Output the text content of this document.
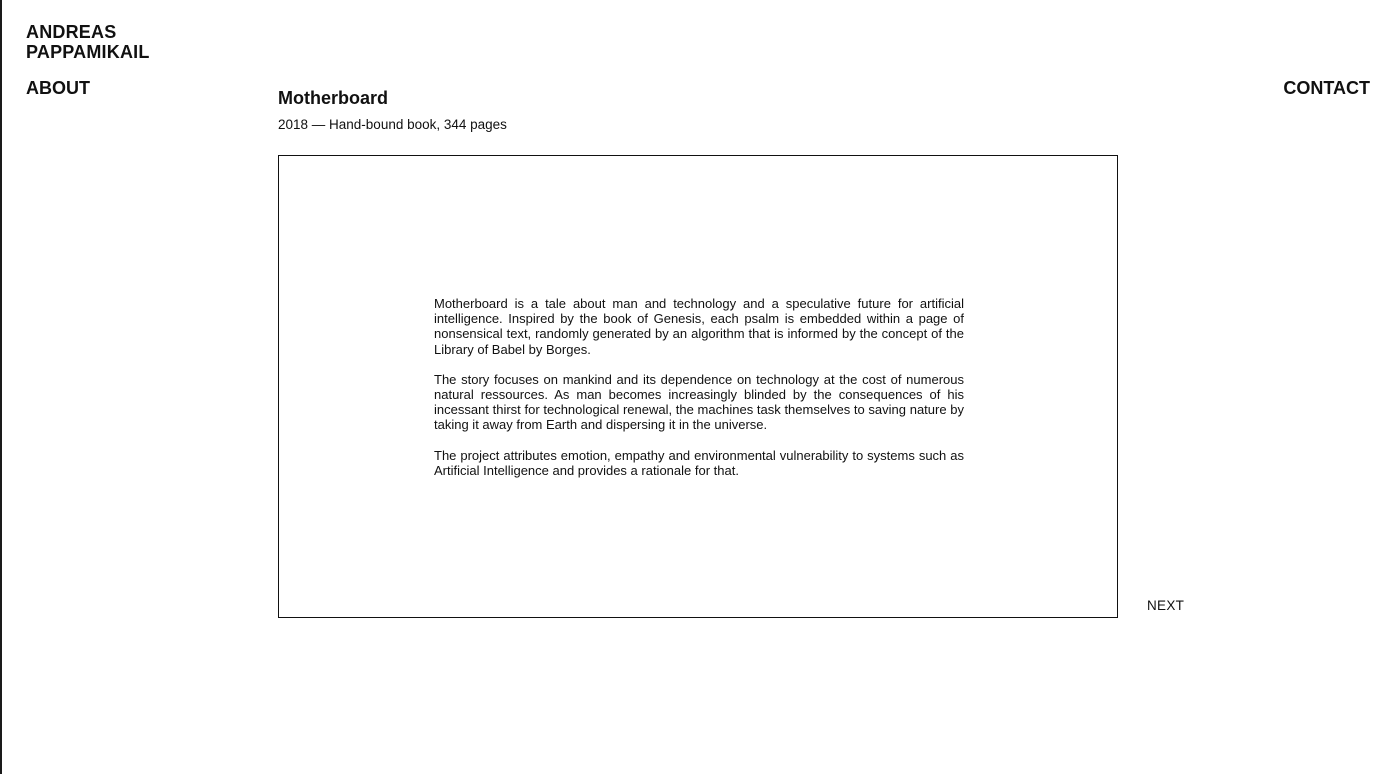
ANDREAS
PAPPAMIKAIL
ABOUT	CONTACT
Motherboard

2018 — Hand-bound book, 344 pages

Motherboard is a tale about man and technology and a speculative future for artificial intelligence. Inspired by the book of Genesis, each psalm is embedded within a page of nonsensical text, randomly generated by an algorithm that is informed by the concept of the Library of Babel by Borges.

The story focuses on mankind and its dependence on technology at the cost of numerous natural ressources. As man becomes increasingly blinded by the consequences of his incessant thirst for technological renewal, the machines task themselves to saving nature by taking it away from Earth and dispersing it in the universe.

The project attributes emotion, empathy and environmental vulnerability to systems such as Artificial Intelligence and provides a rationale for that.

NEXT
